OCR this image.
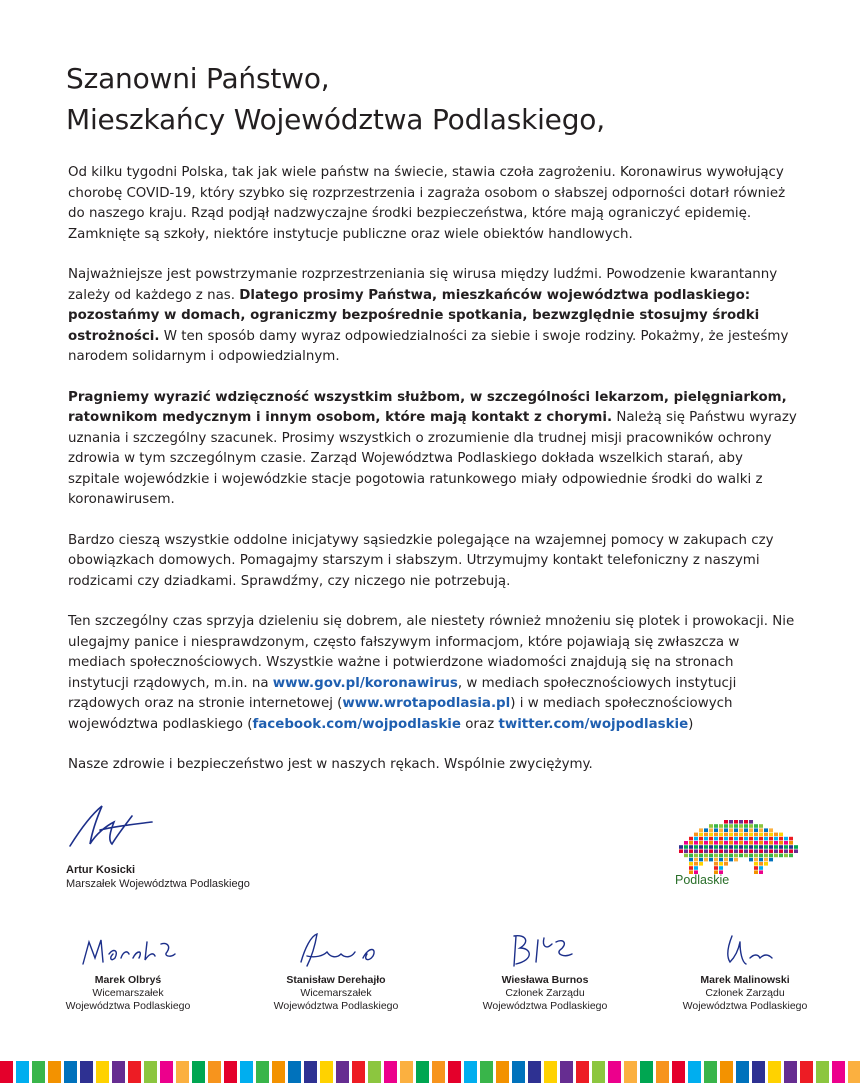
Szanowni Państwo,
Mieszkańcy Województwa Podlaskiego,

Od kilku tygodni Polska, tak jak wiele państw na świecie, stawia czoła zagrożeniu. Koronawirus wywołujący chorobę COVID-19, który szybko się rozprzestrzenia i zagraża osobom o słabszej odporności dotarł również do naszego kraju. Rząd podjął nadzwyczajne środki bezpieczeństwa, które mają ograniczyć epidemię. Zamknięte są szkoły, niektóre instytucje publiczne oraz wiele obiektów handlowych.

Najważniejsze jest powstrzymanie rozprzestrzeniania się wirusa między ludźmi. Powodzenie kwarantanny zależy od każdego z nas. Dlatego prosimy Państwa, mieszkańców województwa podlaskiego: pozostańmy w domach, ograniczmy bezpośrednie spotkania, bezwzględnie stosujmy środki ostrożności. W ten sposób damy wyraz odpowiedzialności za siebie i swoje rodziny. Pokażmy, że jesteśmy narodem solidarnym i odpowiedzialnym.

Pragniemy wyrazić wdzięczność wszystkim służbom, w szczególności lekarzom, pielęgniarkom, ratownikom medycznym i innym osobom, które mają kontakt z chorymi. Należą się Państwu wyrazy uznania i szczególny szacunek. Prosimy wszystkich o zrozumienie dla trudnej misji pracowników ochrony zdrowia w tym szczególnym czasie. Zarząd Województwa Podlaskiego dokłada wszelkich starań, aby szpitale wojewódzkie i wojewódzkie stacje pogotowia ratunkowego miały odpowiednie środki do walki z koronawirusem.

Bardzo cieszą wszystkie oddolne inicjatywy sąsiedzkie polegające na wzajemnej pomocy w zakupach czy obowiązkach domowych. Pomagajmy starszym i słabszym. Utrzymujmy kontakt telefoniczny z naszymi rodzicami czy dziadkami. Sprawdźmy, czy niczego nie potrzebują.

Ten szczególny czas sprzyja dzieleniu się dobrem, ale niestety również mnożeniu się plotek i prowokacji. Nie ulegajmy panice i niesprawdzonym, często fałszywym informacjom, które pojawiają się zwłaszcza w mediach społecznościowych. Wszystkie ważne i potwierdzone wiadomości znajdują się na stronach instytucji rządowych, m.in. na www.gov.pl/koronawirus, w mediach społecznościowych instytucji rządowych oraz na stronie internetowej (www.wrotapodlasia.pl) i w mediach społecznościowych województwa podlaskiego (facebook.com/wojpodlaskie oraz twitter.com/wojpodlaskie)

Nasze zdrowie i bezpieczeństwo jest w naszych rękach. Wspólnie zwyciężymy.

Artur Kosicki
Marszałek Województwa Podlaskiego	Podlaskie
Marek Olbryś
Wicemarszałek
Województwa Podlaskiego
Stanisław Derehajło
Wicemarszałek
Województwa Podlaskiego
Wiesława Burnos
Członek Zarządu
Województwa Podlaskiego
Marek Malinowski
Członek Zarządu
Województwa Podlaskiego
